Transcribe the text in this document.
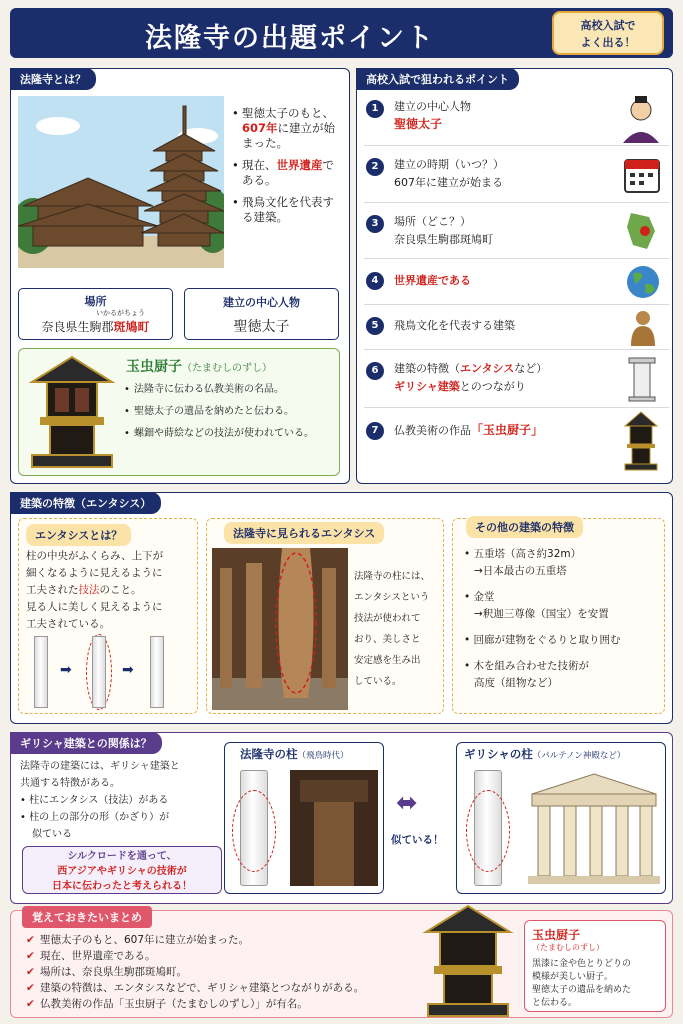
法隆寺の出題ポイント	高校入試で
よく出る！
法隆寺とは？
• 聖徳太子のもと、607年に建立が始まった。
• 現在、世界遺産である。
• 飛鳥文化を代表する建築。
場所
いかるがちょう
奈良県生駒郡斑鳩町
建立の中心人物
聖徳太子
玉虫厨子（たまむしのずし）
• 法隆寺に伝わる仏教美術の名品。
• 聖徳太子の遺品を納めたと伝わる。
• 螺鈿や蒔絵などの技法が使われている。
高校入試で狙われるポイント
1	建立の中心人物
聖徳太子
2	建立の時期（いつ？）
607年に建立が始まる
3	場所（どこ？）
奈良県生駒郡斑鳩町
4	世界遺産である
5	飛鳥文化を代表する建築
6	建築の特徴（エンタシスなど）
ギリシャ建築とのつながり
7	仏教美術の作品「玉虫厨子」
建築の特徴（エンタシス）
エンタシスとは？
柱の中央がふくらみ、上下が
細くなるように見えるように
工夫された技法のこと。
見る人に美しく見えるように
工夫されている。
➡	➡
法隆寺に見られるエンタシス
法隆寺の柱には、
エンタシスという
技法が使われて
おり、美しさと
安定感を生み出
している。
その他の建築の特徴
• 五重塔（高さ約32m）
→日本最古の五重塔
• 金堂
→釈迦三尊像（国宝）を安置
• 回廊が建物をぐるりと取り囲む
• 木を組み合わせた技術が
高度（組物など）
ギリシャ建築との関係は？
法隆寺の建築には、ギリシャ建築と
共通する特徴がある。
• 柱にエンタシス（技法）がある
• 柱の上の部分の形（かざり）が
似ている
シルクロードを通って、
西アジアやギリシャの技術が
日本に伝わったと考えられる！
法隆寺の柱（飛鳥時代）
⬌
似ている！
ギリシャの柱（パルテノン神殿など）
覚えておきたいまとめ
✔ 聖徳太子のもと、607年に建立が始まった。
✔ 現在、世界遺産である。
✔ 場所は、奈良県生駒郡斑鳩町。
✔ 建築の特徴は、エンタシスなどで、ギリシャ建築とつながりがある。
✔ 仏教美術の作品「玉虫厨子（たまむしのずし）」が有名。
玉虫厨子
（たまむしのずし）
黒漆に金や色とりどりの
模様が美しい厨子。
聖徳太子の遺品を納めた
と伝わる。
